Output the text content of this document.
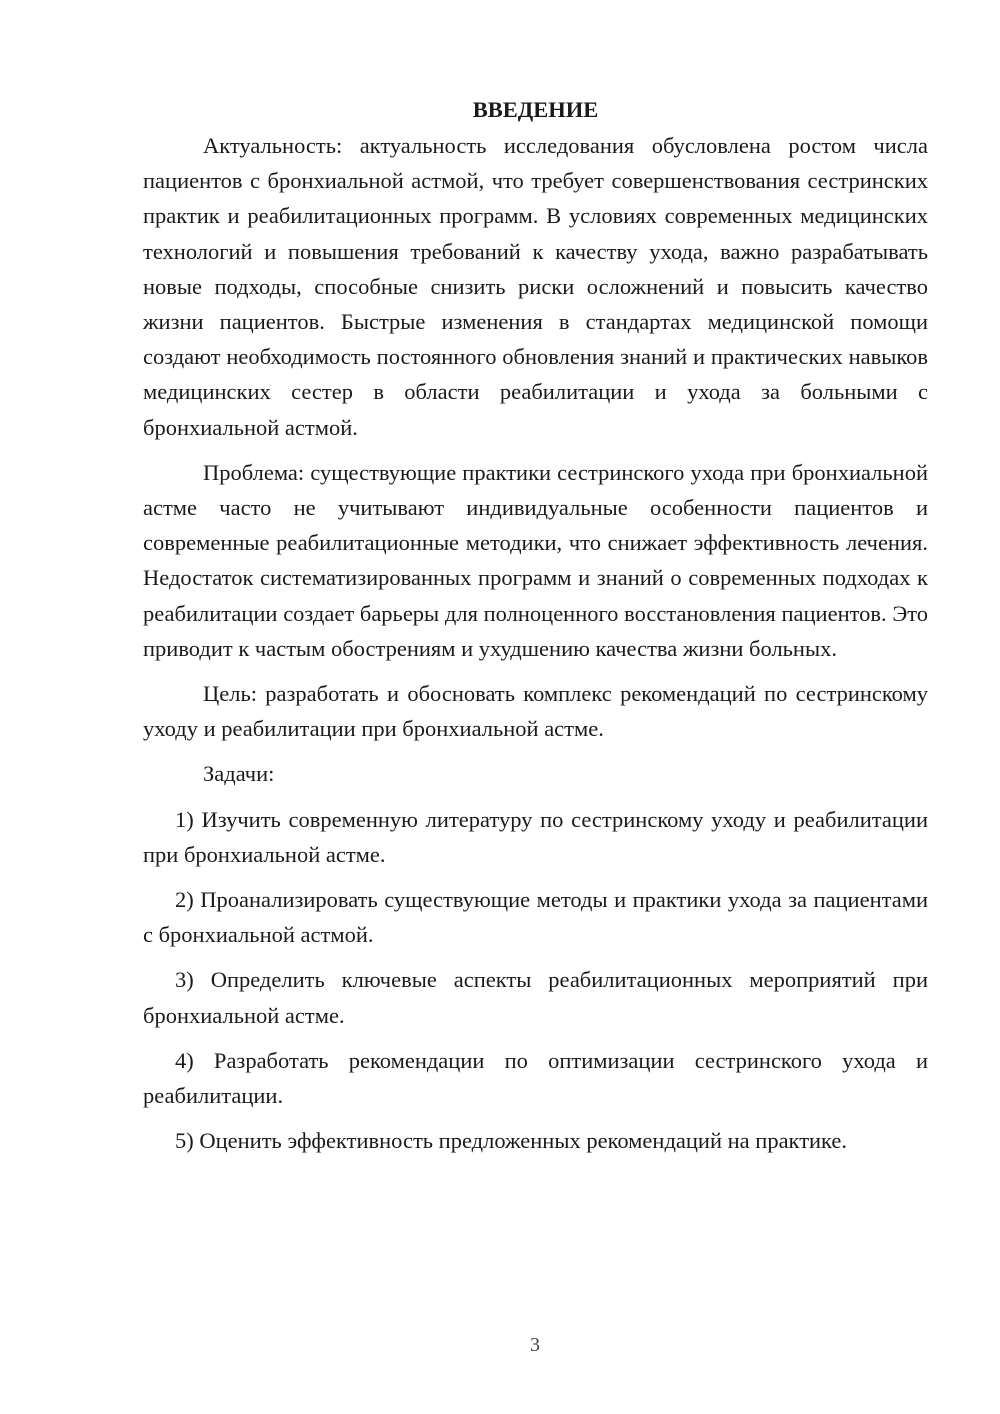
ВВЕДЕНИЕ

Актуальность: актуальность исследования обусловлена ростом числа пациентов с бронхиальной астмой, что требует совершенствования сестринских практик и реабилитационных программ. В условиях современных медицинских технологий и повышения требований к качеству ухода, важно разрабатывать новые подходы, способные снизить риски осложнений и повысить качество жизни пациентов. Быстрые изменения в стандартах медицинской помощи создают необходимость постоянного обновления знаний и практических навыков медицинских сестер в области реабилитации и ухода за больными с бронхиальной астмой.

Проблема: существующие практики сестринского ухода при бронхиальной астме часто не учитывают индивидуальные особенности пациентов и современные реабилитационные методики, что снижает эффективность лечения. Недостаток систематизированных программ и знаний о современных подходах к реабилитации создает барьеры для полноценного восстановления пациентов. Это приводит к частым обострениям и ухудшению качества жизни больных.

Цель: разработать и обосновать комплекс рекомендаций по сестринскому уходу и реабилитации при бронхиальной астме.

Задачи:

1) Изучить современную литературу по сестринскому уходу и реабилитации при бронхиальной астме.
2) Проанализировать существующие методы и практики ухода за пациентами с бронхиальной астмой.
3) Определить ключевые аспекты реабилитационных мероприятий при бронхиальной астме.
4) Разработать рекомендации по оптимизации сестринского ухода и реабилитации.
5) Оценить эффективность предложенных рекомендаций на практике.
3
